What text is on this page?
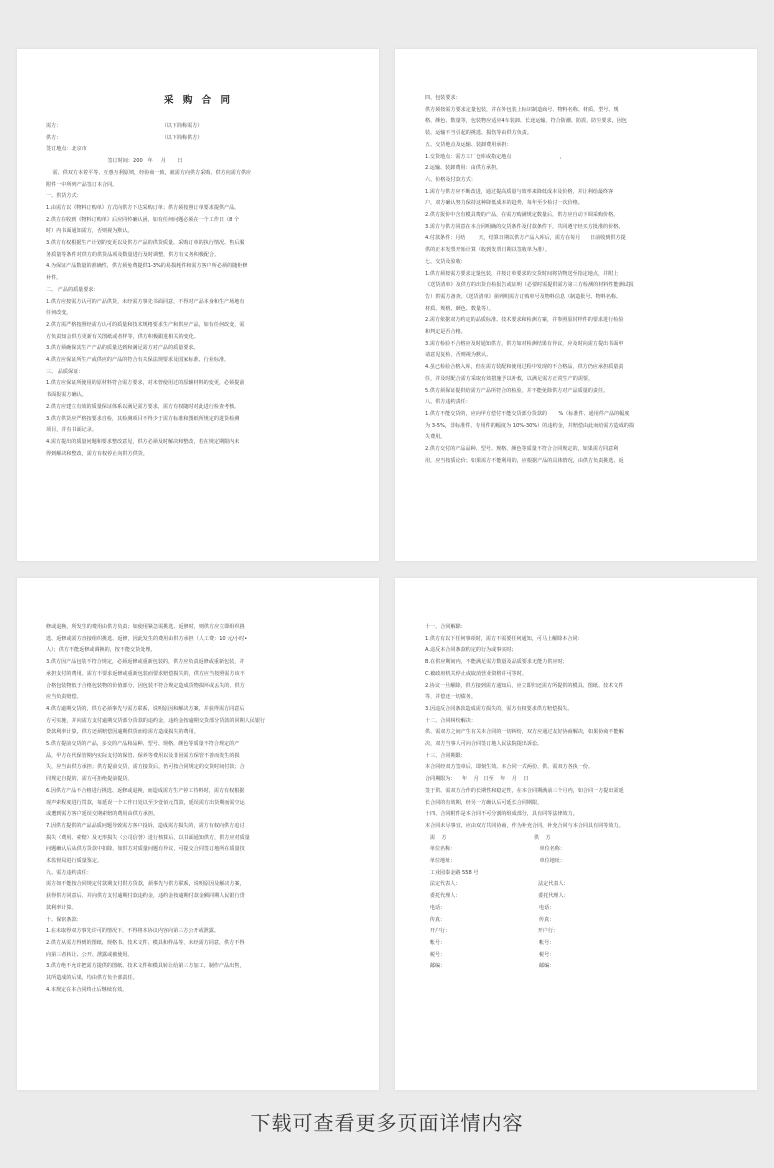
采 购 合 同
需方：                                                              （以下简称需方）
供方：                                                              （以下简称供方）
签订地点：北京市
签订时间：200   年     月       日
需、供双方本着平等、互惠互利原则，经协商一致，就需方向供方采购、供方向需方供应
附件一中所列产品签订本合同。
一、供货方式：
1.由需方以《物料订购单》方式向供方下达采购订单；供方须按照订单要求提供产品。
2.供方在收到《物料订购单》后应同传确认函，如有任何问题必须在一个工作日（8 个
时）内书面通知需方，否则视为默认。
3.供方有权根据生产计划的变更以及供方产品的供货质量、采购订单的执行情况、售后服
务质量等条件对供方的供货品项及数量进行及时调整，供方有义务积极配合。
4.为保证产品数量的准确性，供方须免费提供1-3%的易损耗件和需方客户所必须的随柜修
补件。
二、 产品的质量要求：
1.供方应按需方认可的产品供货，未经需方事先书面同意，不得对产品本身和生产场地有
任何改变。
2.供方需严格按照经需方认可的质量和技术规格要求生产和供应产品，如有任何改变，需
方负责知会供方更新有关图纸或者样等，供方积极跟进相关的变化。
3.供方须确保其生产产品的质量达到和满足需方对产品的质量要求。
4.供方应保证所生产或供应的产品的符合有关保法规要求及国家标准、行业标准。
三、 品质保证：
1.供方应保证所使用的原材料符合需方要求，对未曾使用过的原辅材料的变更，必须提前
书面报需方确认。
2.供方应建立有效的质量保证体系以满足需方要求，需方有权随时对此进行检查考核。
3.供方供货应严格按要求自检，其检测项目不得少于需方标准和图纸所规定的进货检测
项目，并有书面记录。
4.需方提出的质量问题和要求整改意见，供方必须及时解决和整改，若在规定期限内未
得到解决和整改，需方有权停止向供方供货。
四、包装要求：
供方须按需方要求定量包装，并在外包装上标识制造商号、物料名称、材质、型号、规
格、颜色、数量等，包装物应适应4车装卸、长途运输、符合防潮、防震、防尘要求，因包
装、运输不当引起的挑选、损伤等由供方负责。
五、交货地点及运输、装卸费用承担：
1.交货地点：需方工厂仓库或指定地点                              ，
2.运输、装卸费用：由供方承担。
六、价格及付款方式：
1.需方与供方应不断改进，通过提高质量与效率来降低成本及价格，并让利给最终客
户，双方确认努力保持这种降低成本的趋势，每年至少检讨一次价格。
2.供方报价中含有模具费的产品，在需方购满规定数量后，供方应自动下调采购价格。
3.需方与供方同意在本合同明确的交货条件及付款条件下，共同遵守经买方批准的价格。
4.付款条件：月结        天，结算日期以供方产品入库后，需方在每月      日前收到供方提
供的正本发票开始计算（收到发票日期以签收单为准）。
七、交货及验收：
1.供方须按需方要求定量包装，并按订单要求的交货时间将货物送至指定地点，并附上
《送货清单》及供方的出货自检报告或证明（必要时需提供需方第三方检测的材料性能测试报
告）供需方备查。《送货清单》须列明需方订购单号及物料信息（制造批号、物料名称、
材质、规格、颜色、数量等）。
2.需方依据双方约定的品质标准、技术要求和检测方案，并参照原封样件的要求进行检验
和判定是否合格。
3.需方检验不合格应及时通知供方，供方如对检测结果有异议，应及时向需方提出书面申
请意见复检，否则视为默认。
4.虽已检验合格入库，但在需方装配和使用过程中发现的不合格品，供方仍应承担质量责
任，并及时配合需方采取有效措施予以补救，以满足需方正常生产的需要。
5.供方须保证提供给需方产品所符合的检验，并不能免除供方对产品质量的责任。
八、供方违约责任：
1.供方不能交货的，应向甲方偿付不能交货部分货款的       %（标准件、通用件产品的幅度
为 3-5%，非标准件、专用件的幅度为 10%-30%）的违约金，并赔偿由此而给需方造成的损
失费用。
2.供方交付的产品品种、型号、规格、颜色等质量不符合合同规定的，如果需方同意利
用，应当按质论价；如果需方不能利用的，应根据产品的具体情况，由供方负责挑选、返
修或退换，所发生的费用由供方负责；如使用紧急需挑选、返修时，则供方应立即组织挑
选、返修或需方直接组织挑选、返修，因此发生的费用由供方承担（人工费：10 元/小时•
人）；供方不能返修或调换的，按不能交货处理。
3.供方因产品包装不符合规定，必须返修或重新包装的，供方应负责返修或重新包装，并
承担支付的费用。需方不要求返修或重新包装而要求赔偿损失的，供方应当按照需方该不
合格包装物低于合格包装物的价值部分，因包装不符合规定造成货物损坏或丢失的，供方
应当负责赔偿。
4.供方逾期交货的，供方必须事先与需方联系，说明原因和解决方案，并获得需方同意后
方可实施，并向需方支付逾期交货部分货款的违约金，违约金按逾期交货部分货款的同期人民银行
贷款利率计算，供方还须赔偿因逾期供货而给需方造成损失的费用。
5.供方提前交货的产品，多交的产品和品种、型号、规格、颜色等质量不符合规定的产
品，甲方在代保管期内实际支付的保管、保养等费用以及非因需方保管不善而发生的损
失，应当由供方承担；供方提前交货，需方接货后，仍可按合同规定的交货时间付款；合
同规定自提的，需方可拒绝提前提货。
6.因供方产品不合格进行挑选、返修或退换，而造成需方生产停工待料时，需方有权根据
现声索程度进行罚款，每延误一个工作日处以至少壹佰元罚款，延误需方出货期而需空运
或遭到需方客户延误交期索赔的费用由供方承担。
7.因供方提供的产品品质问题导致需方客户投诉，造成需方损失的，需方有权向供方追讨
损失（费用、索赔）及无形损失（公司信誉）进行核算后，以书面通知供方，供方应对质量
问题确认后从供方货款中扣除，如供方对质量问题有异议，可提交合同签订地所在质量技
术监督局进行质量鉴定。
九、需方违约责任：
需方如不能按合同规定付款期支付供方货款，须事先与供方联系，说明原因及解决方案，
获得供方同意后，并向供方支付逾期付款违约金，违约金按逾期付款金额同期人民银行贷
款利率计算。
十、保密条款：
1.在未取得双方事先许可的情况下，不得将本协议内容向第三方公开或泄露。
2.供方从需方得到的图纸、规格书、技术文件、模具和样品等，未经需方同意，供方不得
向第三者转让、公开、泄露或被使用。
3.供方绝不允许把需方提供的图纸、技术文件和模具转让给第三方加工、制作产品出售，
其所造成的后果，均由供方负全部责任。
4.本规定在本合同终止后继续有效。
十一、合同解除：
1.供方有以下任何事项时，需方不需要任何通知，可马上解除本合同：
A.违反本合同条款约定的行为或事实时；
B.在供应期间内，不能满足需方数量及品质要求无能力供应时；
C.被政府机关停止或取消营业资格许可等时。
2.协议一旦解除，供方接到需方通知后，应立即归还需方所提供的模具、图纸、技术文件
等，并偿还一切债务。
3.因违反合同条款造成需方损失的，需方有权要求供方赔偿损失。
十二、合同纠纷解决：
供、需双方之间产生有关本合同的一切纠纷，双方应通过友好协商解决，如果协商不能解
决，双方当事人可向合同签订地人民法院提出诉讼。
十三、合同期限：
本合同经双方签章后，即刻生效。本合同一式两份，供、需双方各执一份。
合同期限为：    年    月   日至    年    月    日
签于供、需双方合作的长期性和稳定性，在本合同期满前三个月内，如合同一方提出需延
长合同的有效期，经另一方确认后可延长合同期限。
十四、合同附件是本合同不可分割的组成部分，具有同等法律效力。
本合同未尽事宜，应由双方共同协商，作为补充合同，补充合同与本合同具有同等效力。
需    方                                                      供    方
单位名称：                                                    单位名称：
单位地址：                                                    单位地址：
工业园泰金路 558 号
法定代表人：                                                法定代表人：
委托代理人：                                                委托代理人：
电话：                                                          电话：
传真：                                                          传真：
开户行：                                                      开户行：
帐号：                                                          帐号：
税号：                                                          税号：
邮编：                                                          邮编：
下载可查看更多页面详情内容
